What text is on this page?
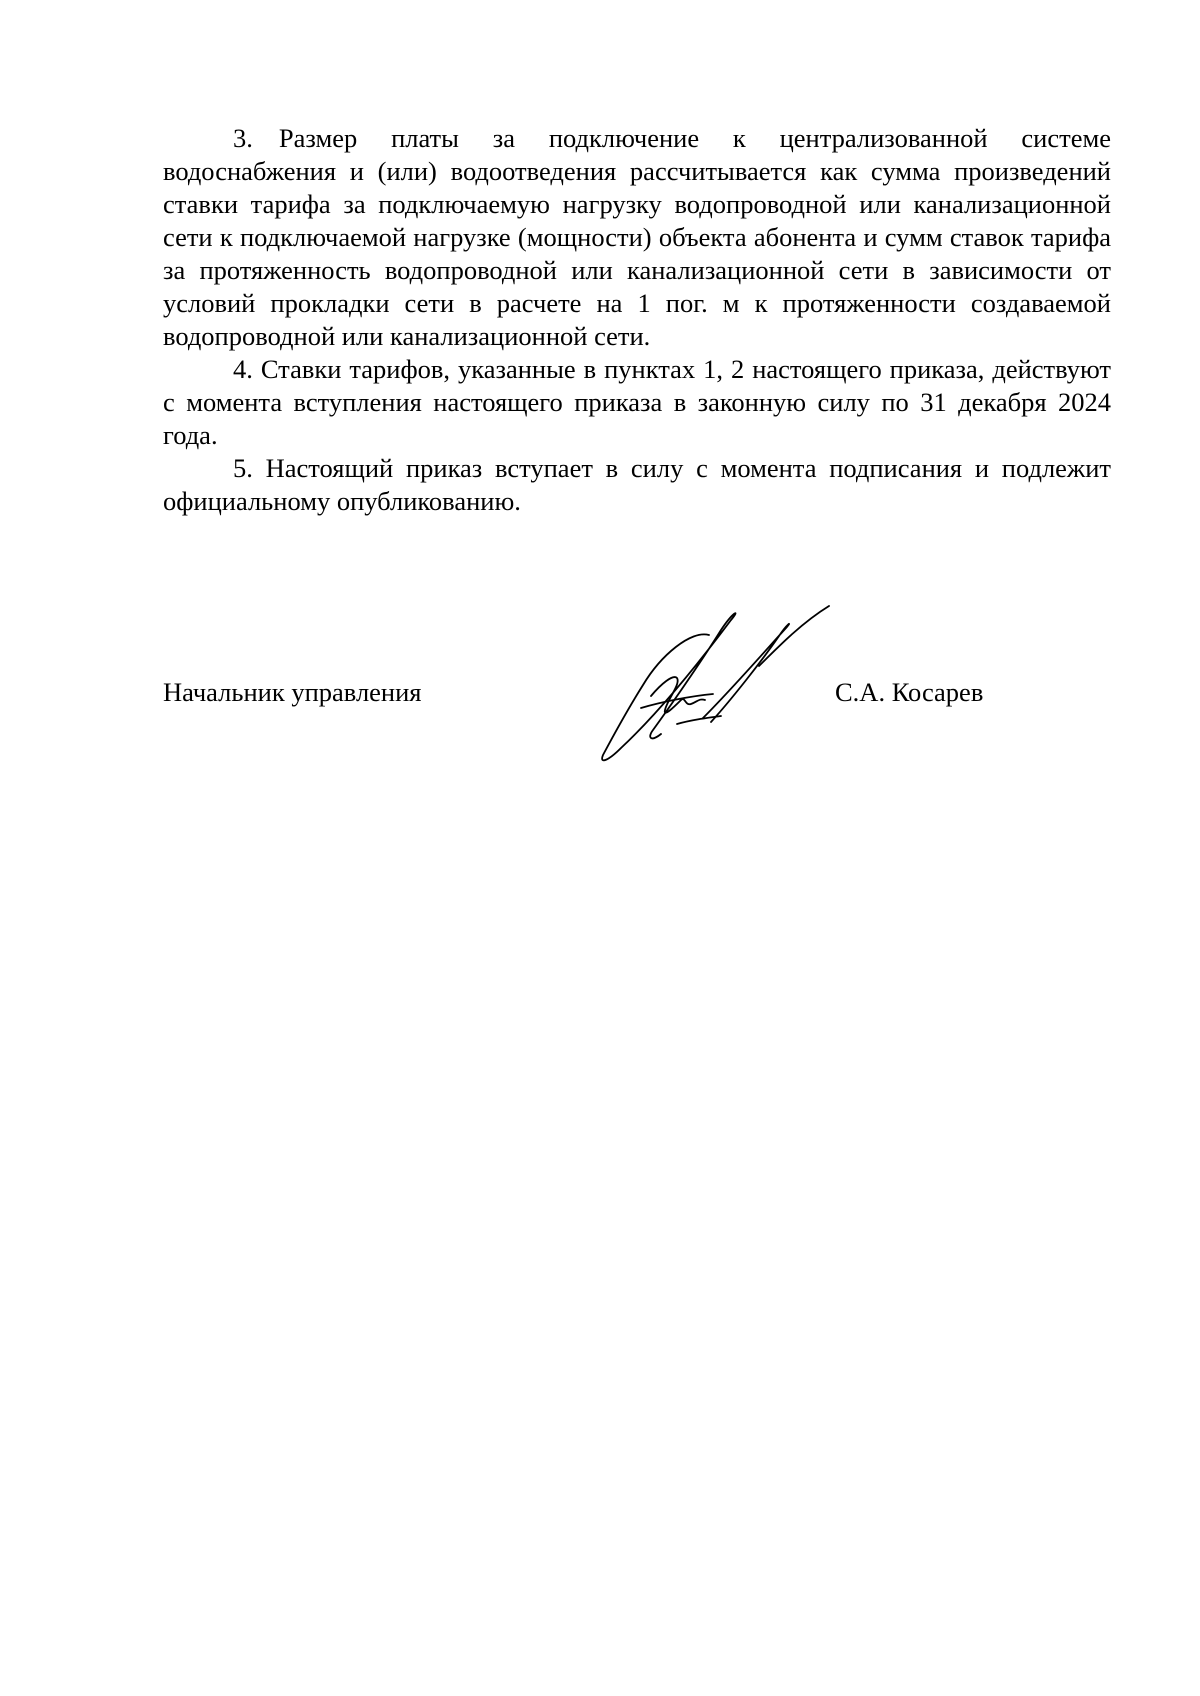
3. Размер платы за подключение к централизованной системе водоснабжения и (или) водоотведения рассчитывается как сумма произведений ставки тарифа за подключаемую нагрузку водопроводной или канализационной сети к подключаемой нагрузке (мощности) объекта абонента и сумм ставок тарифа за протяженность водопроводной или канализационной сети в зависимости от условий прокладки сети в расчете на 1 пог. м к протяженности создаваемой водопроводной или канализационной сети.

4. Ставки тарифов, указанные в пунктах 1, 2 настоящего приказа, действуют с момента вступления настоящего приказа в законную силу по 31 декабря 2024 года.

5. Настоящий приказ вступает в силу с момента подписания и подлежит официальному опубликованию.

Начальник управления	С.А. Косарев
